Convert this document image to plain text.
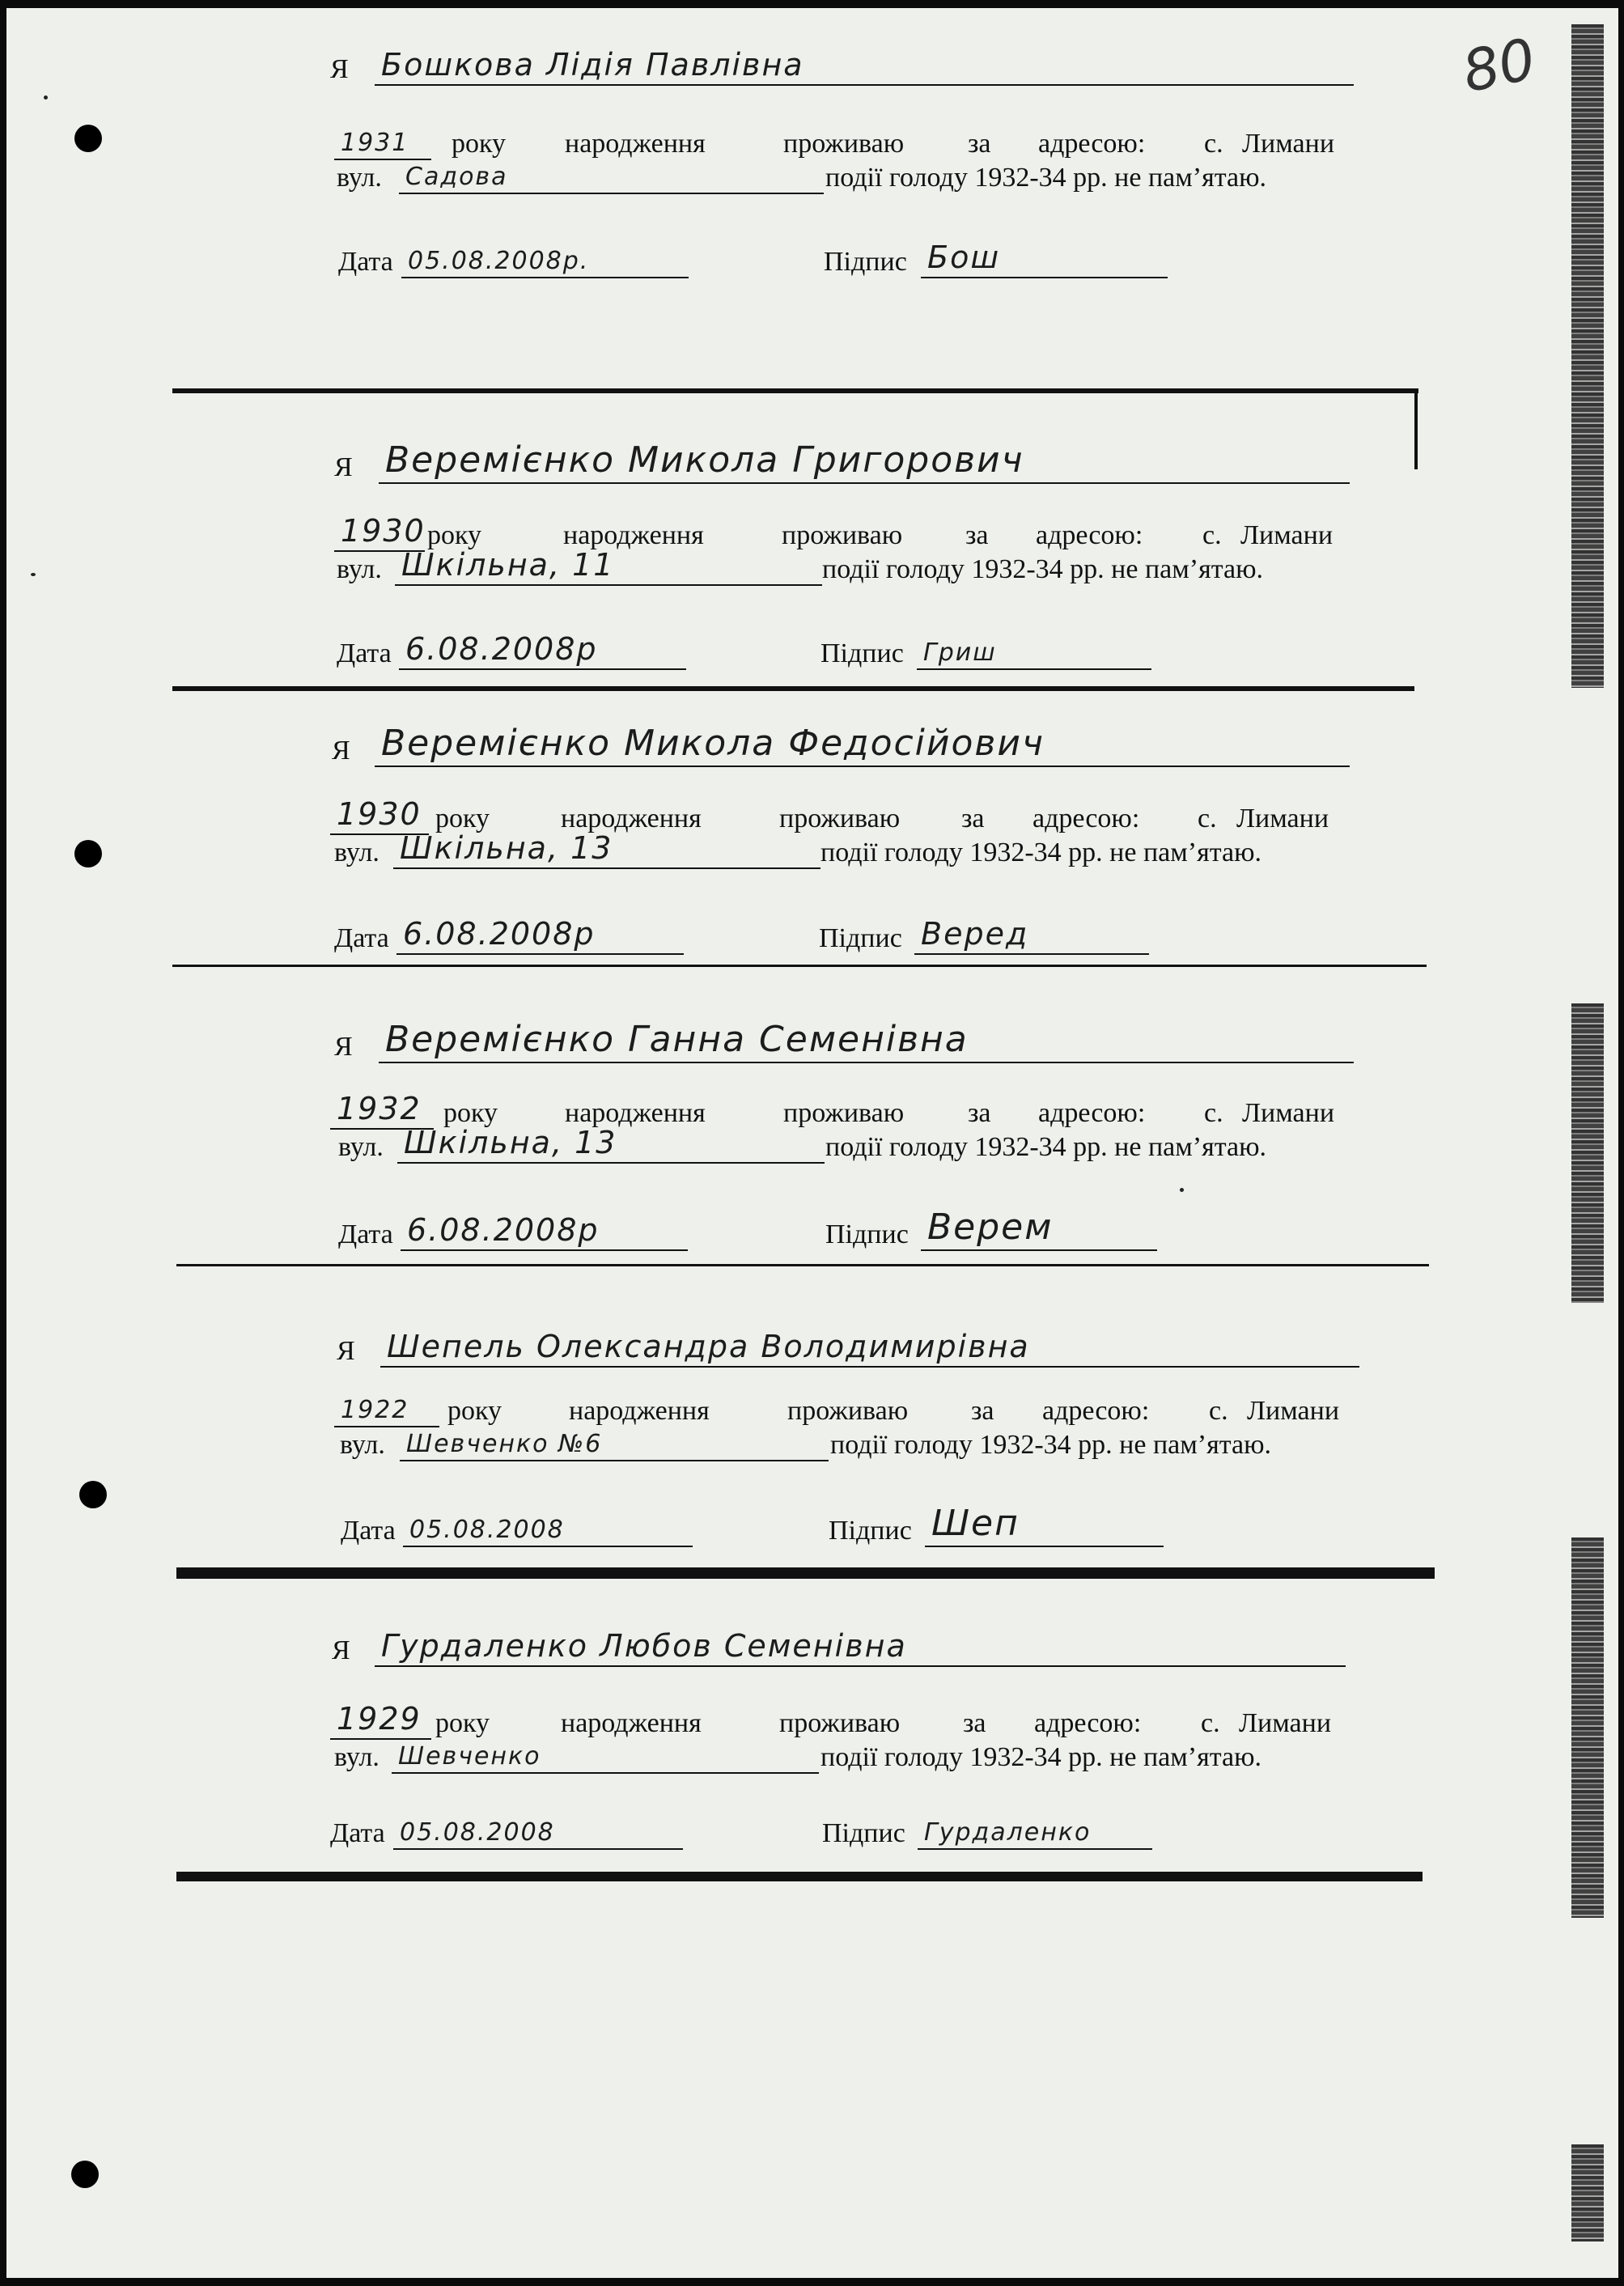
80
Я Бошкова Лідія Павлівна
1931 року народження	проживаю за адресою: с. Лимани
вул. Садова	події голоду 1932-34 рр. не пам’ятаю.
Дата 05.08.2008р.	Підпис Бош
Я Веремієнко Микола Григорович
1930 року	народження	проживаю за адресою: с. Лимани
вул. Шкільна, 11	події голоду 1932-34 рр. не пам’ятаю.
Дата 6.08.2008р	Підпис Гриш
Я Веремієнко Микола Федосійович
1930 року	народження	проживаю за адресою: с. Лимани
вул. Шкільна, 13	події голоду 1932-34 рр. не пам’ятаю.
Дата 6.08.2008р	Підпис Веред
Я Веремієнко Ганна Семенівна
1932 року народження	проживаю за адресою: с. Лимани
вул. Шкільна, 13	події голоду 1932-34 рр. не пам’ятаю.
Дата 6.08.2008р	Підпис Верем
Я Шепель Олександра Володимирівна
1922 року народження	проживаю за адресою: с. Лимани
вул. Шевченко №6	події голоду 1932-34 рр. не пам’ятаю.
Дата 05.08.2008	Підпис Шеп
Я Гурдаленко Любов Семенівна
1929 року	народження	проживаю за адресою: с. Лимани
вул. Шевченко	події голоду 1932-34 рр. не пам’ятаю.
Дата 05.08.2008	Підпис Гурдаленко
